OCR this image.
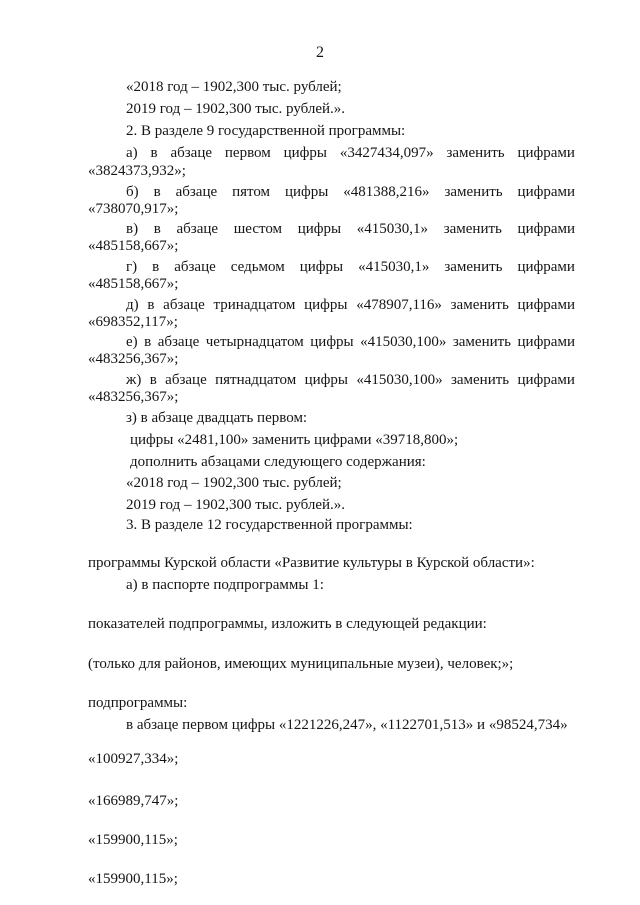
2
«2018 год – 1902,300 тыс. рублей;
2019 год – 1902,300 тыс. рублей.».
2. В разделе 9 государственной программы:
а) в абзаце первом цифры «3427434,097» заменить цифрами
«3824373,932»;
б) в абзаце пятом цифры «481388,216» заменить цифрами
«738070,917»;
в) в абзаце шестом цифры «415030,1» заменить цифрами
«485158,667»;
г) в абзаце седьмом цифры «415030,1» заменить цифрами
«485158,667»;
д) в абзаце тринадцатом цифры «478907,116» заменить цифрами
«698352,117»;
е) в абзаце четырнадцатом цифры «415030,100» заменить цифрами
«483256,367»;
ж) в абзаце пятнадцатом цифры «415030,100» заменить цифрами
«483256,367»;
з) в абзаце двадцать первом:
цифры «2481,100» заменить цифрами «39718,800»;
дополнить абзацами следующего содержания:
«2018 год – 1902,300 тыс. рублей;
2019 год – 1902,300 тыс. рублей.».
3. В разделе 12 государственной программы:
программы Курской области «Развитие культуры в Курской области»:
а) в паспорте подпрограммы 1:
показателей подпрограммы, изложить в следующей редакции:
(только для районов, имеющих муниципальные музеи), человек;»;
подпрограммы:
в абзаце первом цифры «1221226,247», «1122701,513» и «98524,734»
«100927,334»;
«166989,747»;
«159900,115»;
«159900,115»;
